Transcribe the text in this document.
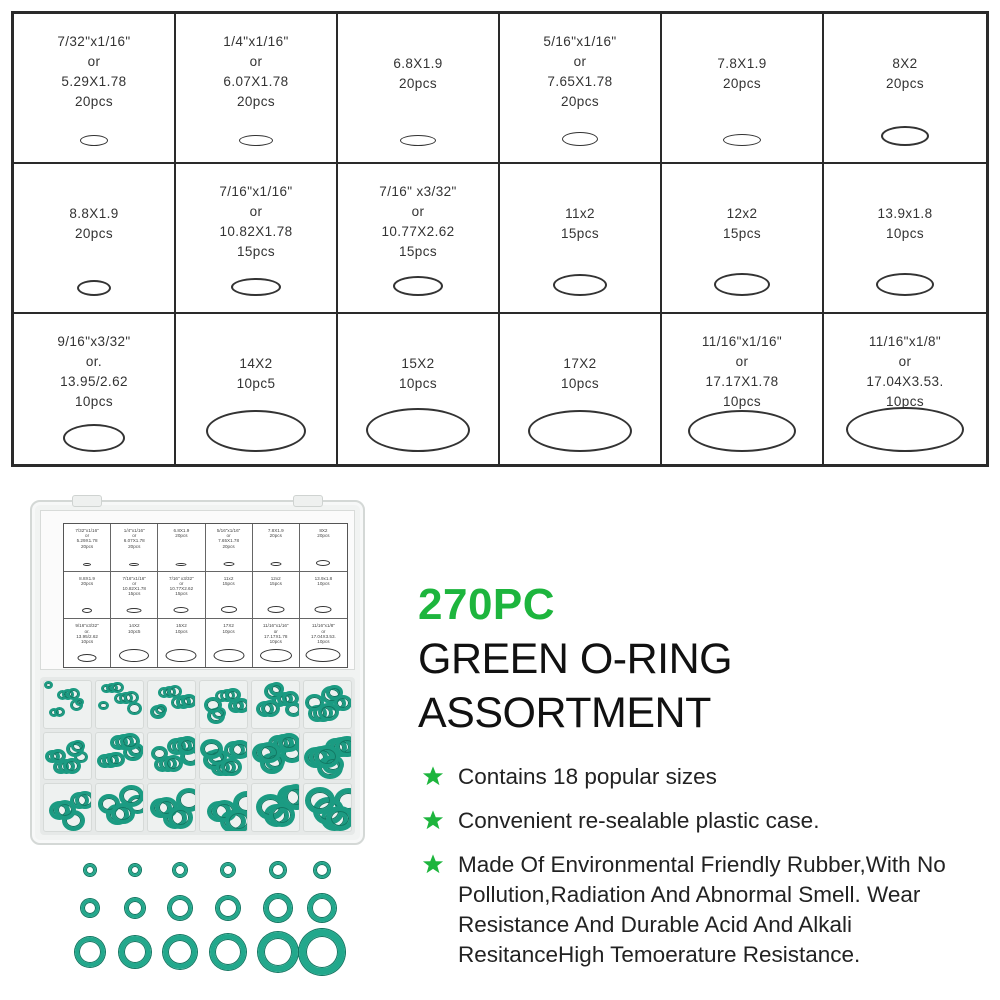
7/32"x1/16"
or
5.29X1.78
20pcs
1/4"x1/16"
or
6.07X1.78
20pcs
6.8X1.9
20pcs
5/16"x1/16"
or
7.65X1.78
20pcs
7.8X1.9
20pcs
8X2
20pcs
8.8X1.9
20pcs
7/16"x1/16"
or
10.82X1.78
15pcs
7/16" x3/32"
or
10.77X2.62
15pcs
11x2
15pcs
12x2
15pcs
13.9x1.8
10pcs
9/16"x3/32"
or.
13.95/2.62
10pcs
14X2
10pc5
15X2
10pcs
17X2
10pcs
11/16"x1/16"
or
17.17X1.78
10pcs
11/16"x1/8"
or
17.04X3.53.
10pcs
7/32"x1/16"
or
5.29X1.78
20pcs
1/4"x1/16"
or
6.07X1.78
20pcs
6.8X1.9
20pcs
5/16"x1/16"
or
7.65X1.78
20pcs
7.8X1.9
20pcs
8X2
20pcs
8.8X1.9
20pcs
7/16"x1/16"
or
10.82X1.78
15pcs
7/16" x3/32"
or
10.77X2.62
15pcs
11x2
15pcs
12x2
15pcs
13.9x1.8
10pcs
9/16"x3/32"
or.
13.95/2.62
10pcs
14X2
10pc5
15X2
10pcs
17X2
10pcs
11/16"x1/16"
or
17.17X1.78
10pcs
11/16"x1/8"
or
17.04X3.53.
10pcs
270PC
GREEN O-RING
ASSORTMENT
Contains 18 popular sizes
Convenient re-sealable plastic case.
Made Of Environmental Friendly Rubber,With No Pollution,Radiation And Abnormal Smell. Wear Resistance And Durable Acid And Alkali ResitanceHigh Temoerature Resistance.
